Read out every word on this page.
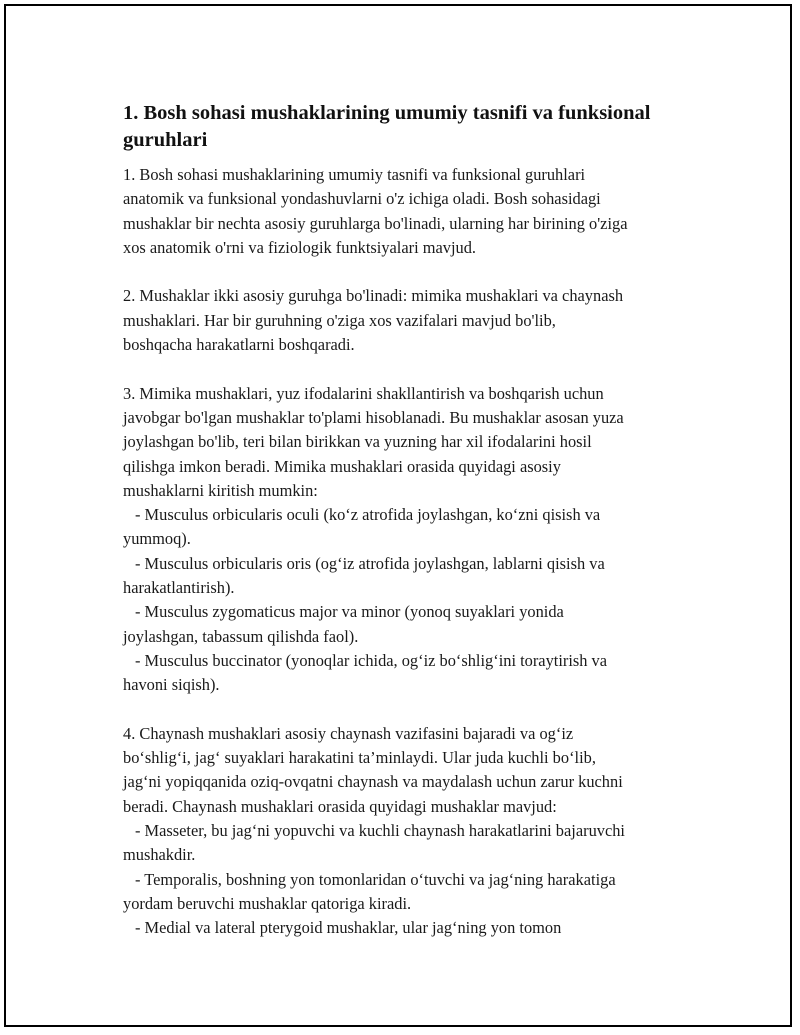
1. Bosh sohasi mushaklarining umumiy tasnifi va funksional
guruhlari
1. Bosh sohasi mushaklarining umumiy tasnifi va funksional guruhlari
anatomik va funksional yondashuvlarni o'z ichiga oladi. Bosh sohasidagi
mushaklar bir nechta asosiy guruhlarga bo'linadi, ularning har birining o'ziga
xos anatomik o'rni va fiziologik funktsiyalari mavjud.
2. Mushaklar ikki asosiy guruhga bo'linadi: mimika mushaklari va chaynash
mushaklari. Har bir guruhning o'ziga xos vazifalari mavjud bo'lib,
boshqacha harakatlarni boshqaradi.
3. Mimika mushaklari, yuz ifodalarini shakllantirish va boshqarish uchun
javobgar bo'lgan mushaklar to'plami hisoblanadi. Bu mushaklar asosan yuza
joylashgan bo'lib, teri bilan birikkan va yuzning har xil ifodalarini hosil
qilishga imkon beradi. Mimika mushaklari orasida quyidagi asosiy
mushaklarni kiritish mumkin:
- Musculus orbicularis oculi (ko‘z atrofida joylashgan, ko‘zni qisish va
yummoq).
- Musculus orbicularis oris (og‘iz atrofida joylashgan, lablarni qisish va
harakatlantirish).
- Musculus zygomaticus major va minor (yonoq suyaklari yonida
joylashgan, tabassum qilishda faol).
- Musculus buccinator (yonoqlar ichida, og‘iz bo‘shlig‘ini toraytirish va
havoni siqish).
4. Chaynash mushaklari asosiy chaynash vazifasini bajaradi va og‘iz
bo‘shlig‘i, jag‘ suyaklari harakatini ta’minlaydi. Ular juda kuchli bo‘lib,
jag‘ni yopiqqanida oziq-ovqatni chaynash va maydalash uchun zarur kuchni
beradi. Chaynash mushaklari orasida quyidagi mushaklar mavjud:
- Masseter, bu jag‘ni yopuvchi va kuchli chaynash harakatlarini bajaruvchi
mushakdir.
- Temporalis, boshning yon tomonlaridan o‘tuvchi va jag‘ning harakatiga
yordam beruvchi mushaklar qatoriga kiradi.
- Medial va lateral pterygoid mushaklar, ular jag‘ning yon tomon
